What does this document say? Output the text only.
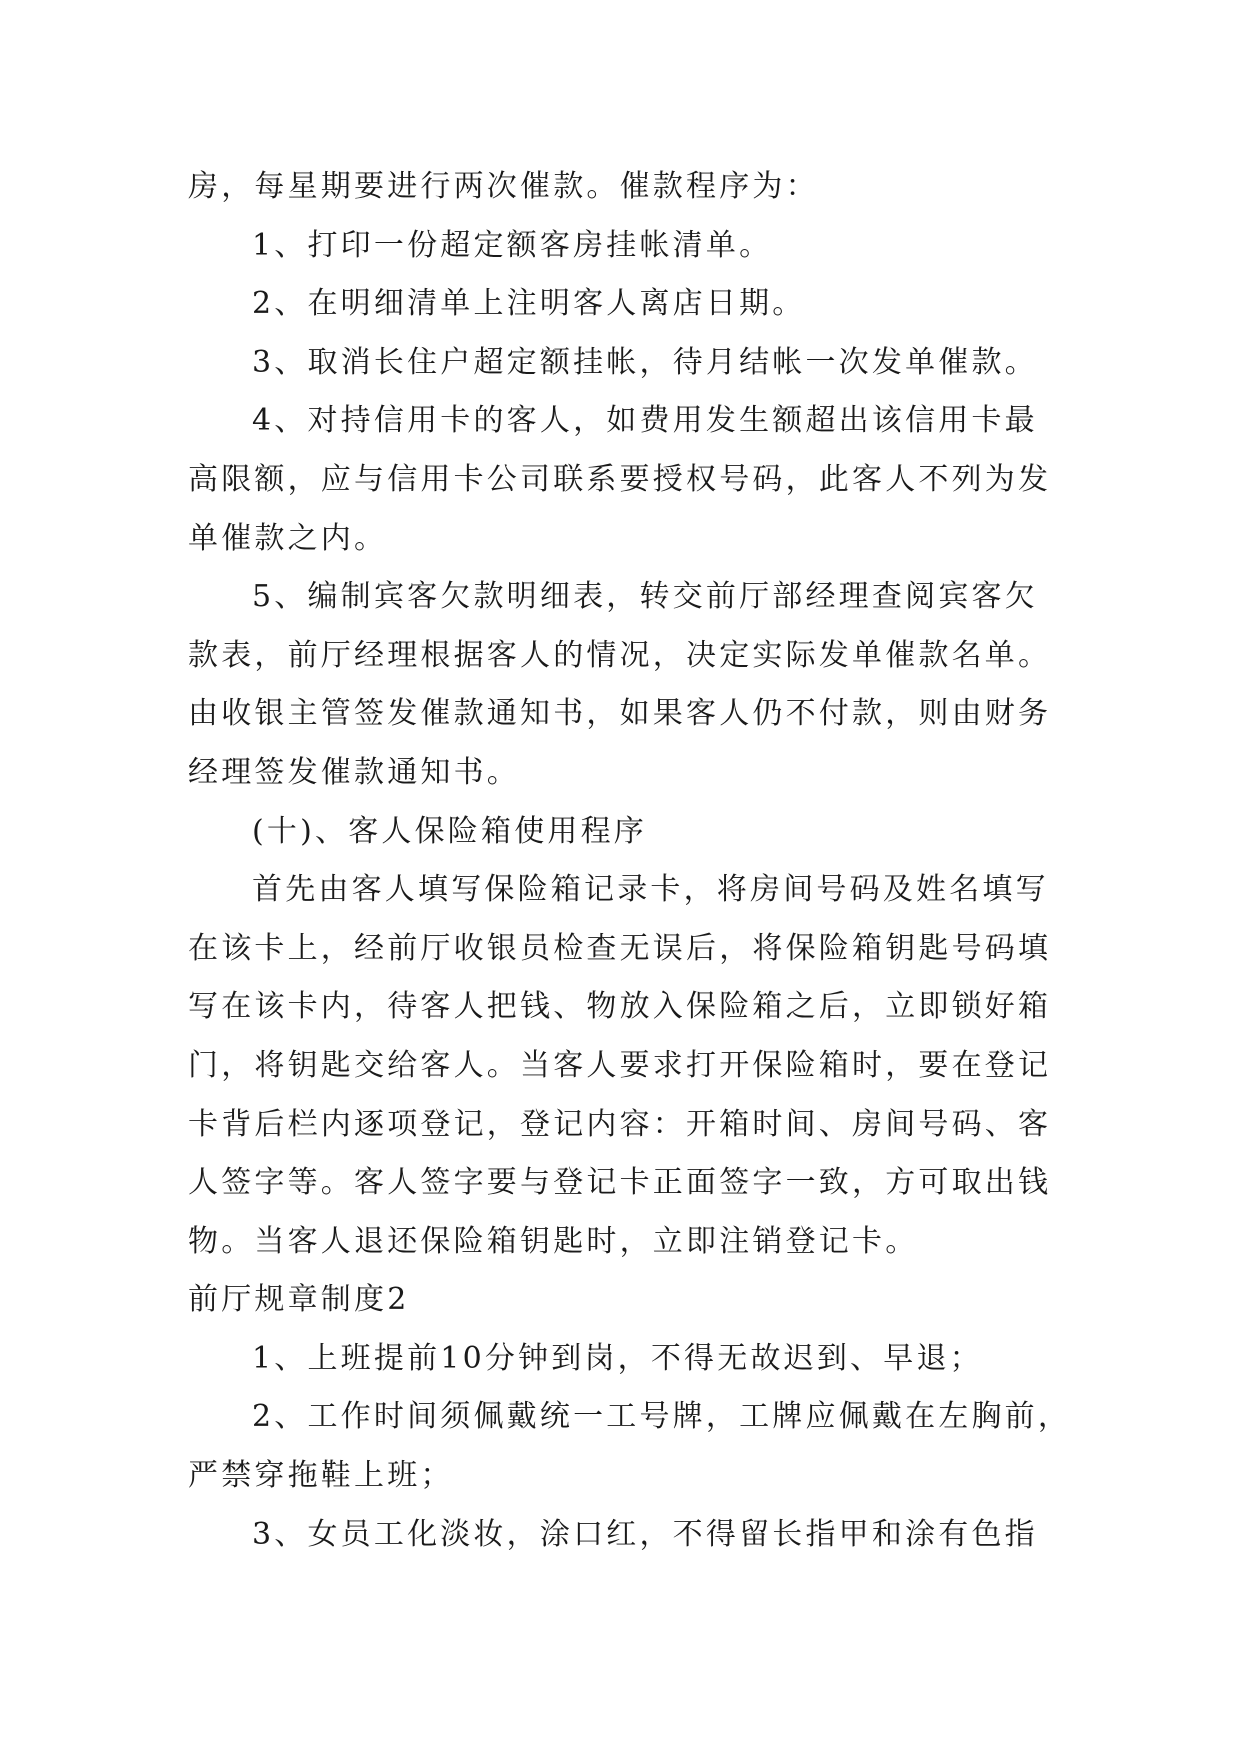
房，每星期要进行两次催款。催款程序为：
1、打印一份超定额客房挂帐清单。
2、在明细清单上注明客人离店日期。
3、取消长住户超定额挂帐，待月结帐一次发单催款。
4、对持信用卡的客人，如费用发生额超出该信用卡最
高限额，应与信用卡公司联系要授权号码，此客人不列为发
单催款之内。
5、编制宾客欠款明细表，转交前厅部经理查阅宾客欠
款表，前厅经理根据客人的情况，决定实际发单催款名单。
由收银主管签发催款通知书，如果客人仍不付款，则由财务
经理签发催款通知书。
(十)、客人保险箱使用程序
首先由客人填写保险箱记录卡，将房间号码及姓名填写
在该卡上，经前厅收银员检查无误后，将保险箱钥匙号码填
写在该卡内，待客人把钱、物放入保险箱之后，立即锁好箱
门，将钥匙交给客人。当客人要求打开保险箱时，要在登记
卡背后栏内逐项登记，登记内容：开箱时间、房间号码、客
人签字等。客人签字要与登记卡正面签字一致，方可取出钱
物。当客人退还保险箱钥匙时，立即注销登记卡。
前厅规章制度2
1、上班提前10分钟到岗，不得无故迟到、早退；
2、工作时间须佩戴统一工号牌，工牌应佩戴在左胸前，
严禁穿拖鞋上班；
3、女员工化淡妆，涂口红，不得留长指甲和涂有色指
